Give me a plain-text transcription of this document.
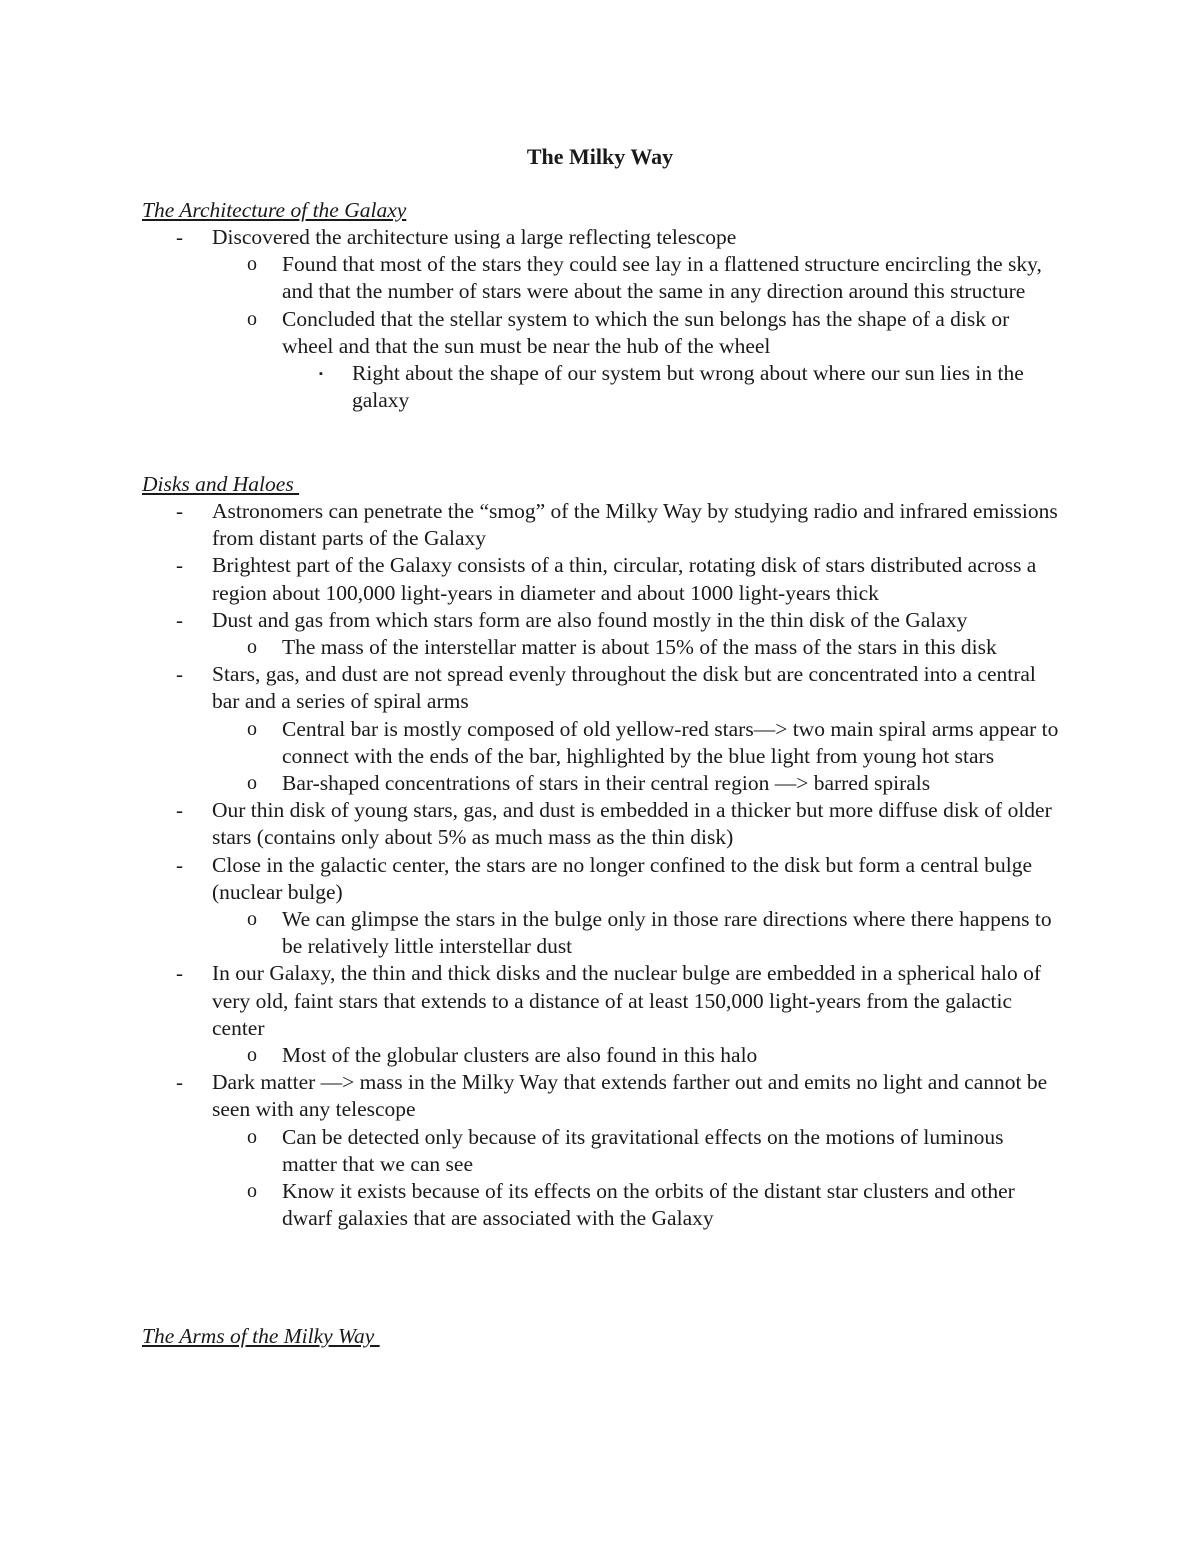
The Milky Way
The Architecture of the Galaxy
- Discovered the architecture using a large reflecting telescope
o Found that most of the stars they could see lay in a flattened structure encircling the sky, and that the number of stars were about the same in any direction around this structure
o Concluded that the stellar system to which the sun belongs has the shape of a disk or wheel and that the sun must be near the hub of the wheel
▪ Right about the shape of our system but wrong about where our sun lies in the galaxy
Disks and Haloes
- Astronomers can penetrate the “smog” of the Milky Way by studying radio and infrared emissions from distant parts of the Galaxy
- Brightest part of the Galaxy consists of a thin, circular, rotating disk of stars distributed across a region about 100,000 light-years in diameter and about 1000 light-years thick
- Dust and gas from which stars form are also found mostly in the thin disk of the Galaxy
o The mass of the interstellar matter is about 15% of the mass of the stars in this disk
- Stars, gas, and dust are not spread evenly throughout the disk but are concentrated into a central bar and a series of spiral arms
o Central bar is mostly composed of old yellow-red stars—> two main spiral arms appear to connect with the ends of the bar, highlighted by the blue light from young hot stars
o Bar-shaped concentrations of stars in their central region —> barred spirals
- Our thin disk of young stars, gas, and dust is embedded in a thicker but more diffuse disk of older stars (contains only about 5% as much mass as the thin disk)
- Close in the galactic center, the stars are no longer confined to the disk but form a central bulge (nuclear bulge)
o We can glimpse the stars in the bulge only in those rare directions where there happens to be relatively little interstellar dust
- In our Galaxy, the thin and thick disks and the nuclear bulge are embedded in a spherical halo of very old, faint stars that extends to a distance of at least 150,000 light-years from the galactic center
o Most of the globular clusters are also found in this halo
- Dark matter —> mass in the Milky Way that extends farther out and emits no light and cannot be seen with any telescope
o Can be detected only because of its gravitational effects on the motions of luminous matter that we can see
o Know it exists because of its effects on the orbits of the distant star clusters and other dwarf galaxies that are associated with the Galaxy
The Arms of the Milky Way
